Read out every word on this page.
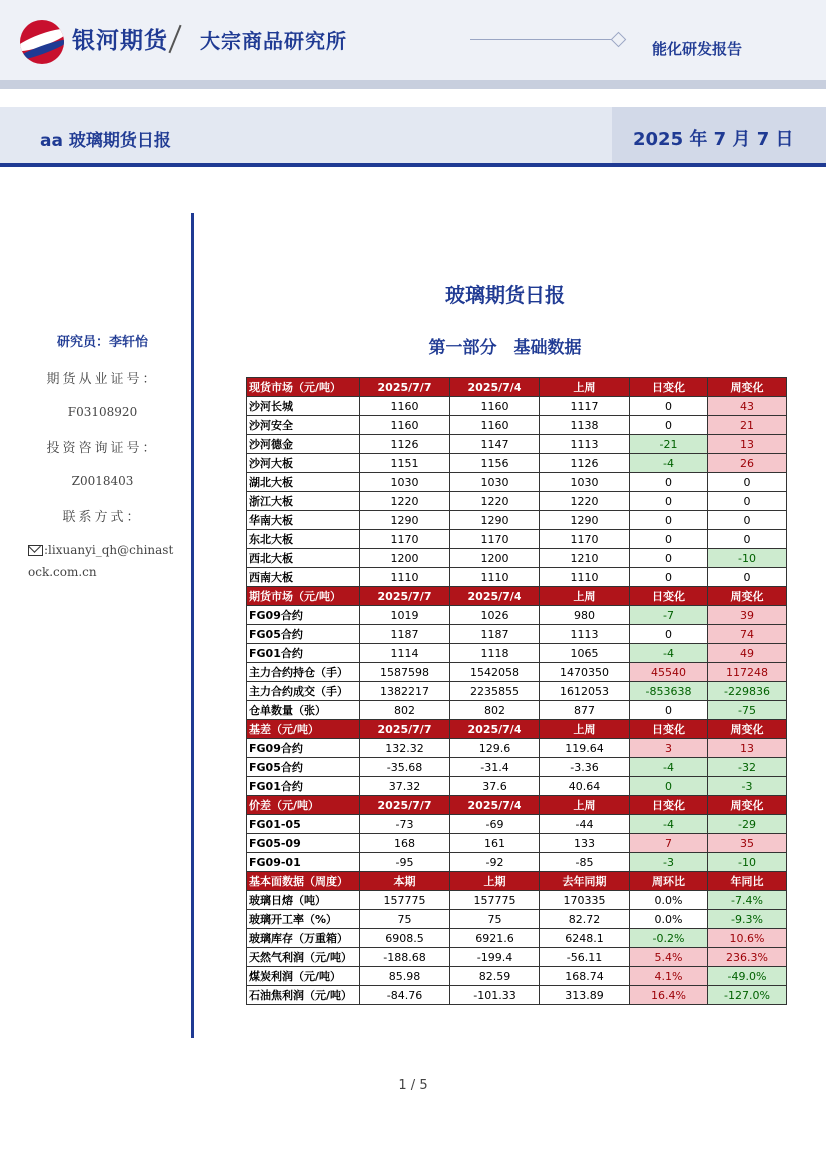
银河期货 大宗商品研究所	能化研发报告
aa 玻璃期货日报	2025 年 7 月 7 日
研究员：李轩怡
期货从业证号：
F03108920
投资咨询证号：
Z0018403
联系方式：
:lixuanyi_qh@chinastock.com.cn
玻璃期货日报
第一部分　基础数据
现货市场（元/吨）	2025/7/7	2025/7/4	上周	日变化	周变化
沙河长城	1160	1160	1117	0	43
沙河安全	1160	1160	1138	0	21
沙河德金	1126	1147	1113	-21	13
沙河大板	1151	1156	1126	-4	26
湖北大板	1030	1030	1030	0	0
浙江大板	1220	1220	1220	0	0
华南大板	1290	1290	1290	0	0
东北大板	1170	1170	1170	0	0
西北大板	1200	1200	1210	0	-10
西南大板	1110	1110	1110	0	0
期货市场（元/吨）	2025/7/7	2025/7/4	上周	日变化	周变化
FG09合约	1019	1026	980	-7	39
FG05合约	1187	1187	1113	0	74
FG01合约	1114	1118	1065	-4	49
主力合约持仓（手）	1587598	1542058	1470350	45540	117248
主力合约成交（手）	1382217	2235855	1612053	-853638	-229836
仓单数量（张）	802	802	877	0	-75
基差（元/吨）	2025/7/7	2025/7/4	上周	日变化	周变化
FG09合约	132.32	129.6	119.64	3	13
FG05合约	-35.68	-31.4	-3.36	-4	-32
FG01合约	37.32	37.6	40.64	0	-3
价差（元/吨）	2025/7/7	2025/7/4	上周	日变化	周变化
FG01-05	-73	-69	-44	-4	-29
FG05-09	168	161	133	7	35
FG09-01	-95	-92	-85	-3	-10
基本面数据（周度）	本期	上期	去年同期	周环比	年同比
玻璃日熔（吨）	157775	157775	170335	0.0%	-7.4%
玻璃开工率（%）	75	75	82.72	0.0%	-9.3%
玻璃库存（万重箱）	6908.5	6921.6	6248.1	-0.2%	10.6%
天然气利润（元/吨）	-188.68	-199.4	-56.11	5.4%	236.3%
煤炭利润（元/吨）	85.98	82.59	168.74	4.1%	-49.0%
石油焦利润（元/吨）	-84.76	-101.33	313.89	16.4%	-127.0%
1 / 5
